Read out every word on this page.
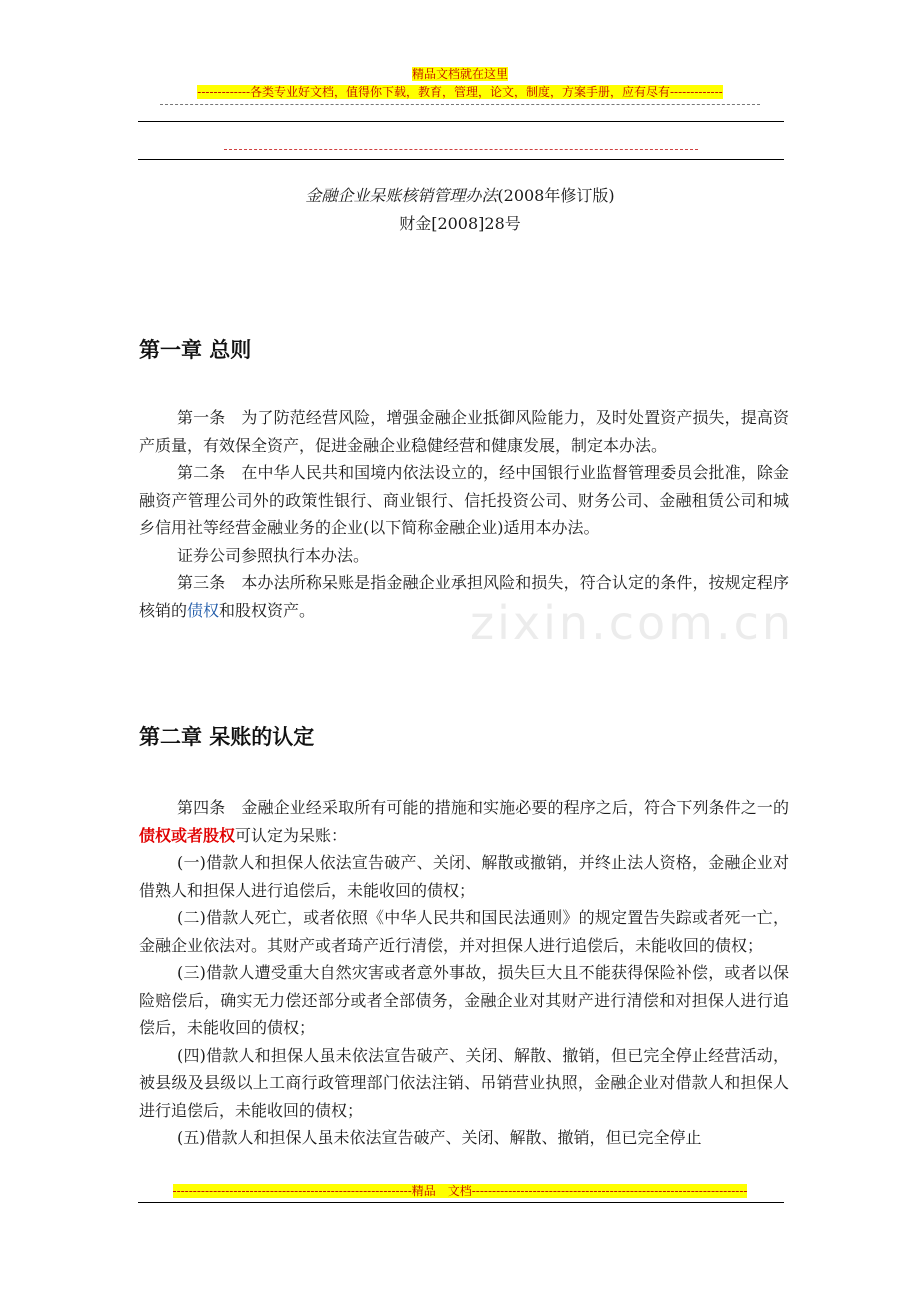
精品文档就在这里
-------------各类专业好文档，值得你下载，教育，管理，论文，制度，方案手册，应有尽有-------------
zixin.com.cn
金融企业呆账核销管理办法(2008年修订版)
财金[2008]28号
第一章 总则

第一条　为了防范经营风险，增强金融企业抵御风险能力，及时处置资产损失，提高资产质量，有效保全资产，促进金融企业稳健经营和健康发展，制定本办法。

第二条　在中华人民共和国境内依法设立的，经中国银行业监督管理委员会批准，除金融资产管理公司外的政策性银行、商业银行、信托投资公司、财务公司、金融租赁公司和城乡信用社等经营金融业务的企业(以下简称金融企业)适用本办法。

证券公司参照执行本办法。

第三条　本办法所称呆账是指金融企业承担风险和损失，符合认定的条件，按规定程序核销的债权和股权资产。

第二章 呆账的认定

第四条　金融企业经采取所有可能的措施和实施必要的程序之后，符合下列条件之一的债权或者股权可认定为呆账：

(一)借款人和担保人依法宣告破产、关闭、解散或撤销，并终止法人资格，金融企业对借熟人和担保人进行追偿后，未能收回的债权；

(二)借款人死亡，或者依照《中华人民共和国民法通则》的规定置告失踪或者死一亡，金融企业依法对。其财产或者琦产近行清偿，并对担保人进行追偿后，未能收回的债权；

(三)借款人遭受重大自然灾害或者意外事故，损失巨大且不能获得保险补偿，或者以保险赔偿后，确实无力偿还部分或者全部债务，金融企业对其财产进行清偿和对担保人进行追偿后，未能收回的债权；

(四)借款人和担保人虽未依法宣告破产、关闭、解散、撤销，但已完全停止经营活动，被县级及县级以上工商行政管理部门依法注销、吊销营业执照，金融企业对借款人和担保人进行追偿后，未能收回的债权；

(五)借款人和担保人虽未依法宣告破产、关闭、解散、撤销，但已完全停止

-----------------------------------------------------------精品　文档--------------------------------------------------------------------
